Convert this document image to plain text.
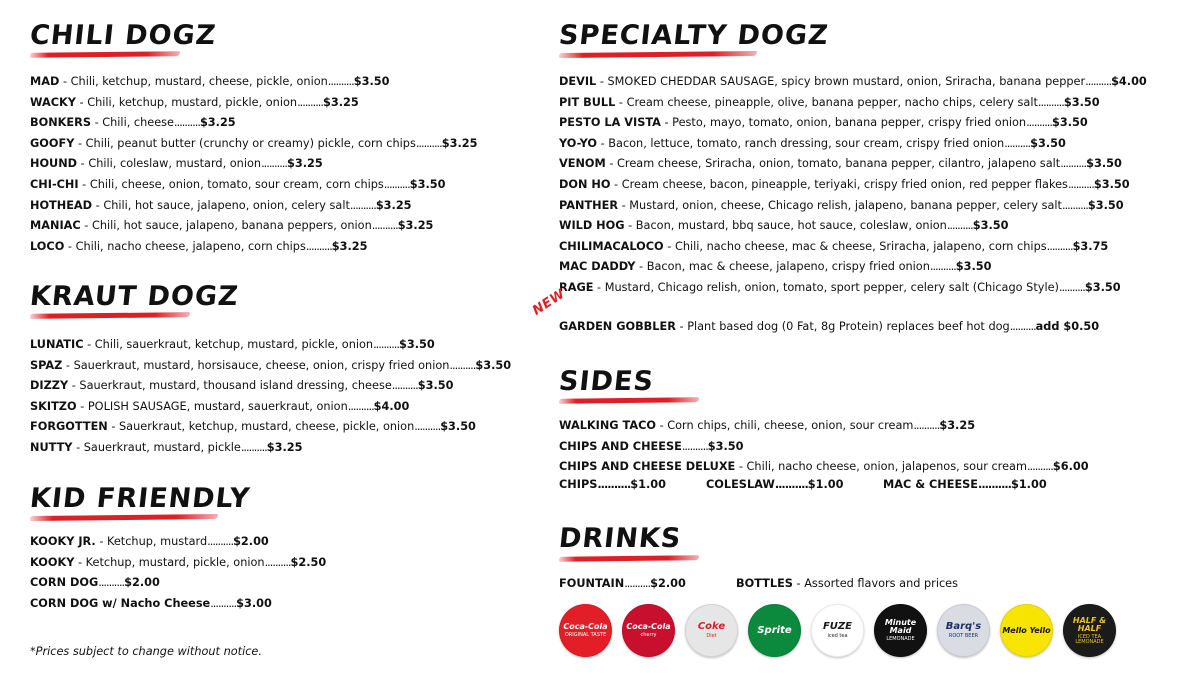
CHILI DOGZ
MAD - Chili, ketchup, mustard, cheese, pickle, onion..........$3.50
WACKY - Chili, ketchup, mustard, pickle, onion..........$3.25
BONKERS - Chili, cheese..........$3.25
GOOFY - Chili, peanut butter (crunchy or creamy) pickle, corn chips..........$3.25
HOUND - Chili, coleslaw, mustard, onion..........$3.25
CHI-CHI - Chili, cheese, onion, tomato, sour cream, corn chips..........$3.50
HOTHEAD - Chili, hot sauce, jalapeno, onion, celery salt..........$3.25
MANIAC - Chili, hot sauce, jalapeno, banana peppers, onion..........$3.25
LOCO - Chili, nacho cheese, jalapeno, corn chips..........$3.25
KRAUT DOGZ
LUNATIC - Chili, sauerkraut, ketchup, mustard, pickle, onion..........$3.50
SPAZ - Sauerkraut, mustard, horsisauce, cheese, onion, crispy fried onion..........$3.50
DIZZY - Sauerkraut, mustard, thousand island dressing, cheese..........$3.50
SKITZO - POLISH SAUSAGE, mustard, sauerkraut, onion..........$4.00
FORGOTTEN - Sauerkraut, ketchup, mustard, cheese, pickle, onion..........$3.50
NUTTY - Sauerkraut, mustard, pickle..........$3.25
KID FRIENDLY
KOOKY JR. - Ketchup, mustard..........$2.00
KOOKY - Ketchup, mustard, pickle, onion..........$2.50
CORN DOG..........$2.00
CORN DOG w/ Nacho Cheese..........$3.00
*Prices subject to change without notice.
SPECIALTY DOGZ
DEVIL - SMOKED CHEDDAR SAUSAGE, spicy brown mustard, onion, Sriracha, banana pepper..........$4.00
PIT BULL - Cream cheese, pineapple, olive, banana pepper, nacho chips, celery salt..........$3.50
PESTO LA VISTA - Pesto, mayo, tomato, onion, banana pepper, crispy fried onion..........$3.50
YO-YO - Bacon, lettuce, tomato, ranch dressing, sour cream, crispy fried onion..........$3.50
VENOM - Cream cheese, Sriracha, onion, tomato, banana pepper, cilantro, jalapeno salt..........$3.50
DON HO - Cream cheese, bacon, pineapple, teriyaki, crispy fried onion, red pepper flakes..........$3.50
PANTHER - Mustard, onion, cheese, Chicago relish, jalapeno, banana pepper, celery salt..........$3.50
WILD HOG - Bacon, mustard, bbq sauce, hot sauce, coleslaw, onion..........$3.50
CHILIMACALOCO - Chili, nacho cheese, mac & cheese, Sriracha, jalapeno, corn chips..........$3.75
MAC DADDY - Bacon, mac & cheese, jalapeno, crispy fried onion..........$3.50
RAGE - Mustard, Chicago relish, onion, tomato, sport pepper, celery salt (Chicago Style)..........$3.50
GARDEN GOBBLER - Plant based dog (0 Fat, 8g Protein) replaces beef hot dog..........add $0.50
SIDES
WALKING TACO - Corn chips, chili, cheese, onion, sour cream..........$3.25
CHIPS AND CHEESE..........$3.50
CHIPS AND CHEESE DELUXE - Chili, nacho cheese, onion, jalapenos, sour cream..........$6.00
CHIPS..........$1.00	COLESLAW..........$1.00	MAC & CHEESE..........$1.00
DRINKS
FOUNTAIN..........$2.00	BOTTLES - Assorted flavors and prices
Coca-Cola
ORIGINAL TASTE
Coca-Cola
cherry
Coke
Diet
Sprite	FUZE
iced tea
Minute Maid
LEMONADE
Barq's
ROOT BEER
Mello Yello
HALF & HALF
ICED TEA LEMONADE
NEW
